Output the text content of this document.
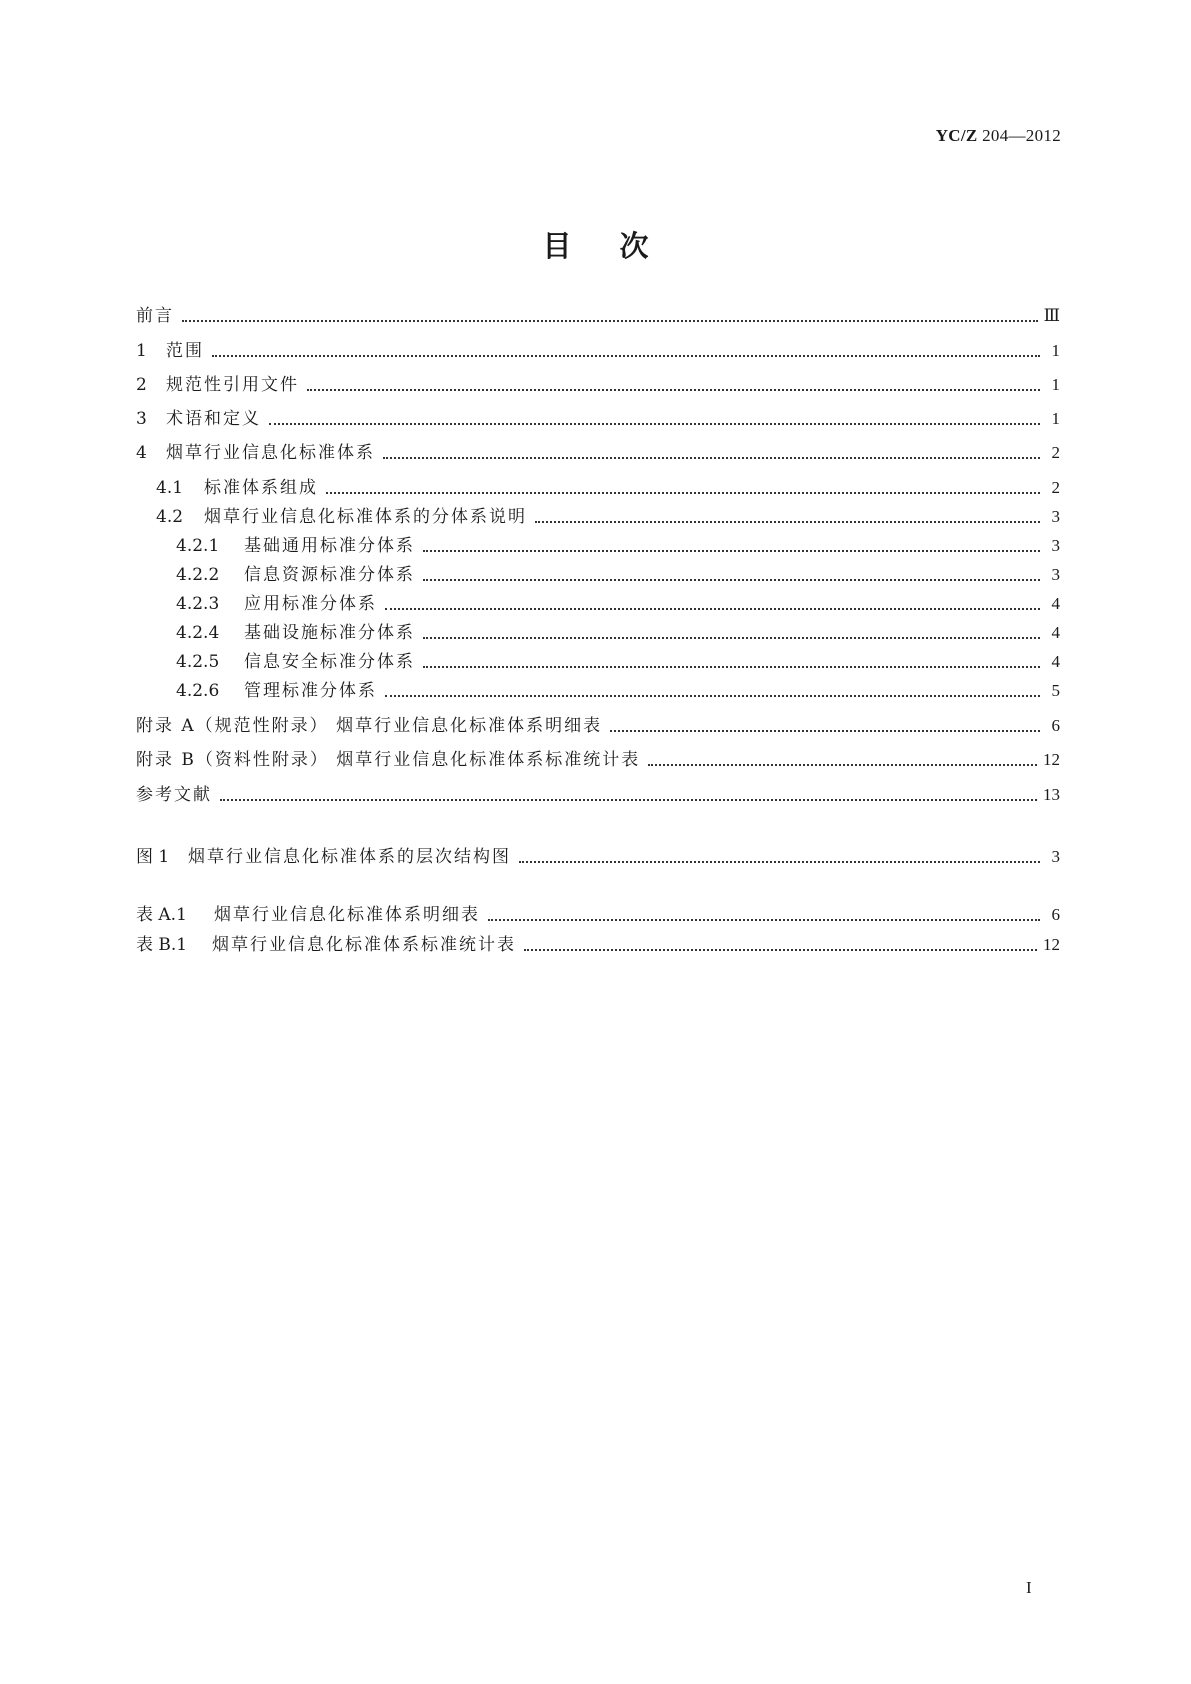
YC/Z 204—2012
目次
前言	Ⅲ
1	范围	1
2	规范性引用文件	1
3	术语和定义	1
4	烟草行业信息化标准体系	2
4.1	标准体系组成	2
4.2	烟草行业信息化标准体系的分体系说明	3
4.2.1	基础通用标准分体系	3
4.2.2	信息资源标准分体系	3
4.2.3	应用标准分体系	4
4.2.4	基础设施标准分体系	4
4.2.5	信息安全标准分体系	4
4.2.6	管理标准分体系	5
附录 A（规范性附录） 烟草行业信息化标准体系明细表	6
附录 B（资料性附录） 烟草行业信息化标准体系标准统计表	12
参考文献	13
图 1	烟草行业信息化标准体系的层次结构图	3
表 A.1	烟草行业信息化标准体系明细表	6
表 B.1	烟草行业信息化标准体系标准统计表	12
I
